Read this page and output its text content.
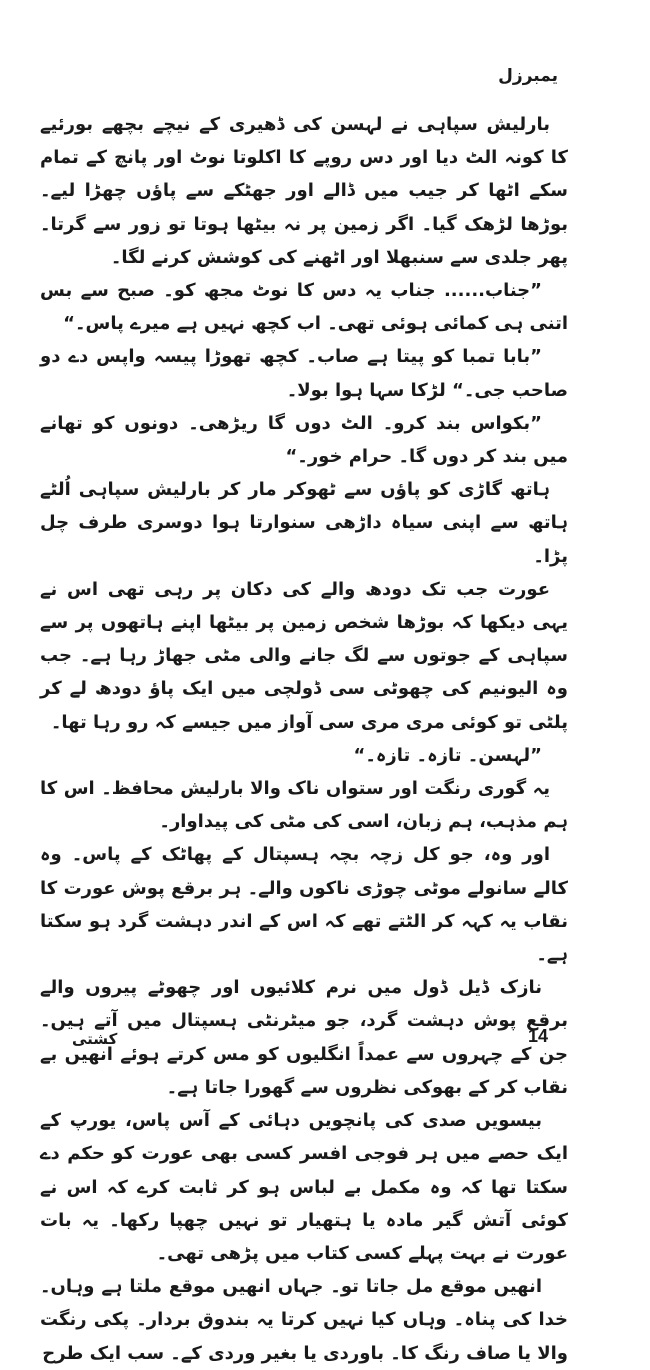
یمبرزل

بارلیش سپاہی نے لہسن کی ڈھیری کے نیچے بچھے بورئیے کا کونہ الٹ دیا اور دس روپے کا اکلوتا نوٹ اور پانچ کے تمام سکے اٹھا کر جیب میں ڈالے اور جھٹکے سے پاؤں چھڑا لیے۔ بوڑھا لڑھک گیا۔ اگر زمین پر نہ بیٹھا ہوتا تو زور سے گرتا۔ پھر جلدی سے سنبھلا اور اٹھنے کی کوشش کرنے لگا۔

”جناب...... جناب یہ دس کا نوٹ مجھ کو۔ صبح سے بس اتنی ہی کمائی ہوئی تھی۔ اب کچھ نہیں ہے میرے پاس۔“

”بابا تمبا کو پیتا ہے صاب۔ کچھ تھوڑا پیسہ واپس دے دو صاحب جی۔“ لڑکا سہا ہوا بولا۔

”بکواس بند کرو۔ الٹ دوں گا ریڑھی۔ دونوں کو تھانے میں بند کر دوں گا۔ حرام خور۔“

ہاتھ گاڑی کو پاؤں سے ٹھوکر مار کر بارلیش سپاہی اُلٹے ہاتھ سے اپنی سیاہ داڑھی سنوارتا ہوا دوسری طرف چل پڑا۔

عورت جب تک دودھ والے کی دکان پر رہی تھی اس نے یہی دیکھا کہ بوڑھا شخص زمین پر بیٹھا اپنے ہاتھوں پر سے سپاہی کے جوتوں سے لگ جانے والی مٹی جھاڑ رہا ہے۔ جب وہ الیونیم کی چھوٹی سی ڈولچی میں ایک پاؤ دودھ لے کر پلٹی تو کوئی مری مری سی آواز میں جیسے کہ رو رہا تھا۔

”لہسن۔ تازہ۔ تازہ۔“

یہ گوری رنگت اور ستواں ناک والا بارلیش محافظ۔ اس کا ہم مذہب، ہم زبان، اسی کی مٹی کی پیداوار۔

اور وہ، جو کل زچہ بچہ ہسپتال کے پھاٹک کے پاس۔ وہ کالے سانولے موٹی چوڑی ناکوں والے۔ ہر برقع پوش عورت کا نقاب یہ کہہ کر الٹتے تھے کہ اس کے اندر دہشت گرد ہو سکتا ہے۔

نازک ڈیل ڈول میں نرم کلائیوں اور چھوٹے پیروں والے برقع پوش دہشت گرد، جو میٹرنٹی ہسپتال میں آتے ہیں۔ جن کے چہروں سے عمداً انگلیوں کو مس کرتے ہوئے انھیں بے نقاب کر کے بھوکی نظروں سے گھورا جاتا ہے۔

بیسویں صدی کی پانچویں دہائی کے آس پاس، یورپ کے ایک حصے میں ہر فوجی افسر کسی بھی عورت کو حکم دے سکتا تھا کہ وہ مکمل بے لباس ہو کر ثابت کرے کہ اس نے کوئی آتش گیر مادہ یا ہتھیار تو نہیں چھپا رکھا۔ یہ بات عورت نے بہت پہلے کسی کتاب میں پڑھی تھی۔

انھیں موقع مل جاتا تو۔ جہاں انھیں موقع ملتا ہے وہاں۔ خدا کی پناہ۔ وہاں کیا نہیں کرتا یہ بندوق بردار۔ پکی رنگت والا یا صاف رنگ کا۔ باوردی یا بغیر وردی کے۔ سب ایک طرح

14
کشتی
